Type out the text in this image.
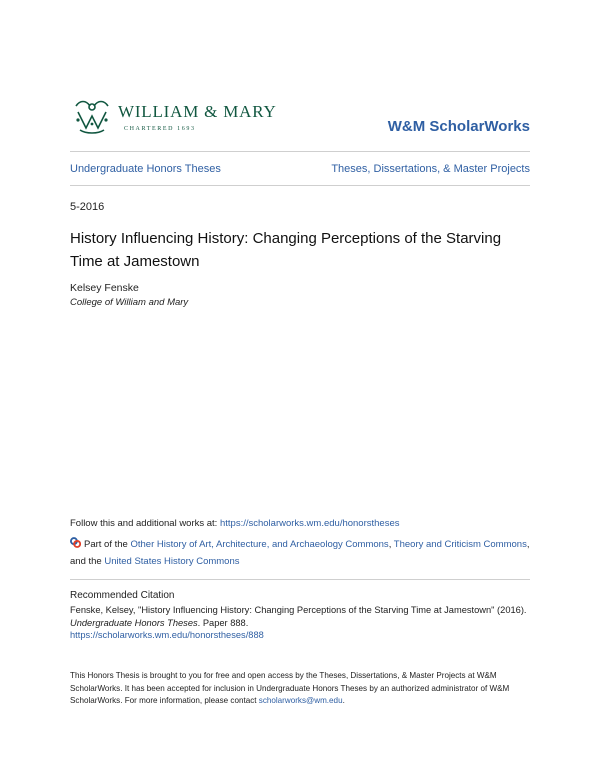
WILLIAM & MARY
CHARTERED 1693	W&M ScholarWorks
Undergraduate Honors Theses	Theses, Dissertations, & Master Projects
5-2016
History Influencing History: Changing Perceptions of the Starving Time at Jamestown
Kelsey Fenske
College of William and Mary
Follow this and additional works at: https://scholarworks.wm.edu/honorstheses
Part of the Other History of Art, Architecture, and Archaeology Commons, Theory and Criticism Commons, and the United States History Commons
Recommended Citation
Fenske, Kelsey, "History Influencing History: Changing Perceptions of the Starving Time at Jamestown" (2016). Undergraduate Honors Theses. Paper 888.
https://scholarworks.wm.edu/honorstheses/888
This Honors Thesis is brought to you for free and open access by the Theses, Dissertations, & Master Projects at W&M ScholarWorks. It has been accepted for inclusion in Undergraduate Honors Theses by an authorized administrator of W&M ScholarWorks. For more information, please contact scholarworks@wm.edu.
